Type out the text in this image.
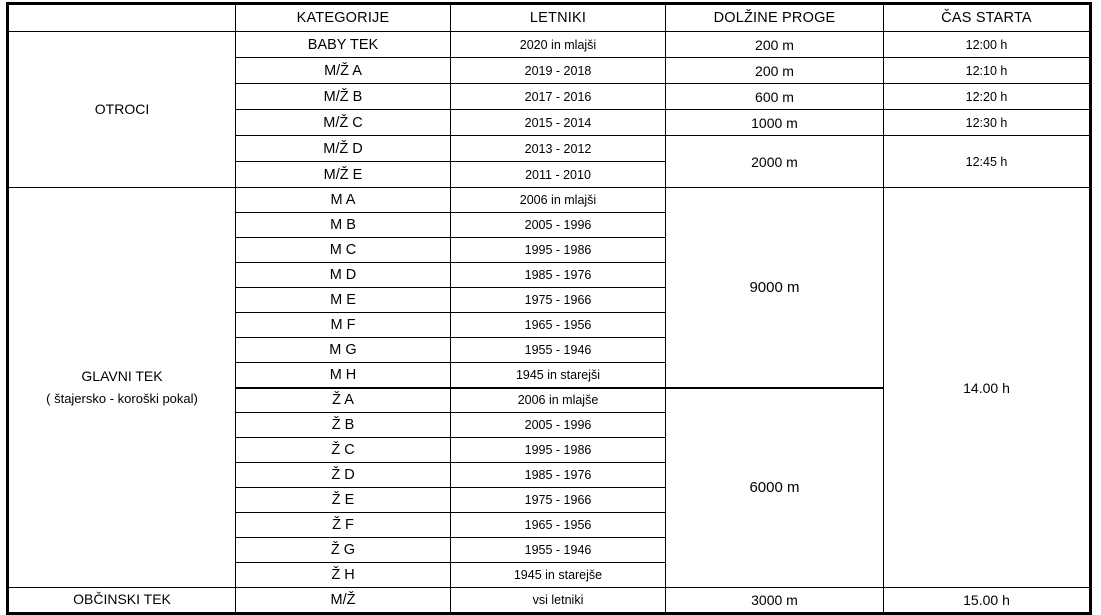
	KATEGORIJE	LETNIKI	DOLŽINE PROGE	ČAS STARTA
OTROCI	BABY TEK	2020 in mlajši	200 m	12:00 h
	M/Ž A	2019 - 2018	200 m	12:10 h
	M/Ž B	2017 - 2016	600 m	12:20 h
	M/Ž C	2015 - 2014	1000 m	12:30 h
	M/Ž D	2013 - 2012	2000 m	12:45 h
	M/Ž E	2011 - 2010		
GLAVNI TEK
( štajersko - koroški pokal)	M A	2006 in mlajši	9000 m	14.00 h
	M B	2005 - 1996		
	M C	1995 - 1986		
	M D	1985 - 1976		
	M E	1975 - 1966		
	M F	1965 - 1956		
	M G	1955 - 1946		
	M H	1945 in starejši		
	Ž A	2006 in mlajše	6000 m	
	Ž B	2005 - 1996		
	Ž C	1995 - 1986		
	Ž D	1985 - 1976		
	Ž E	1975 - 1966		
	Ž F	1965 - 1956		
	Ž G	1955 - 1946		
	Ž H	1945 in starejše		
OBČINSKI TEK	M/Ž	vsi letniki	3000 m	15.00 h
